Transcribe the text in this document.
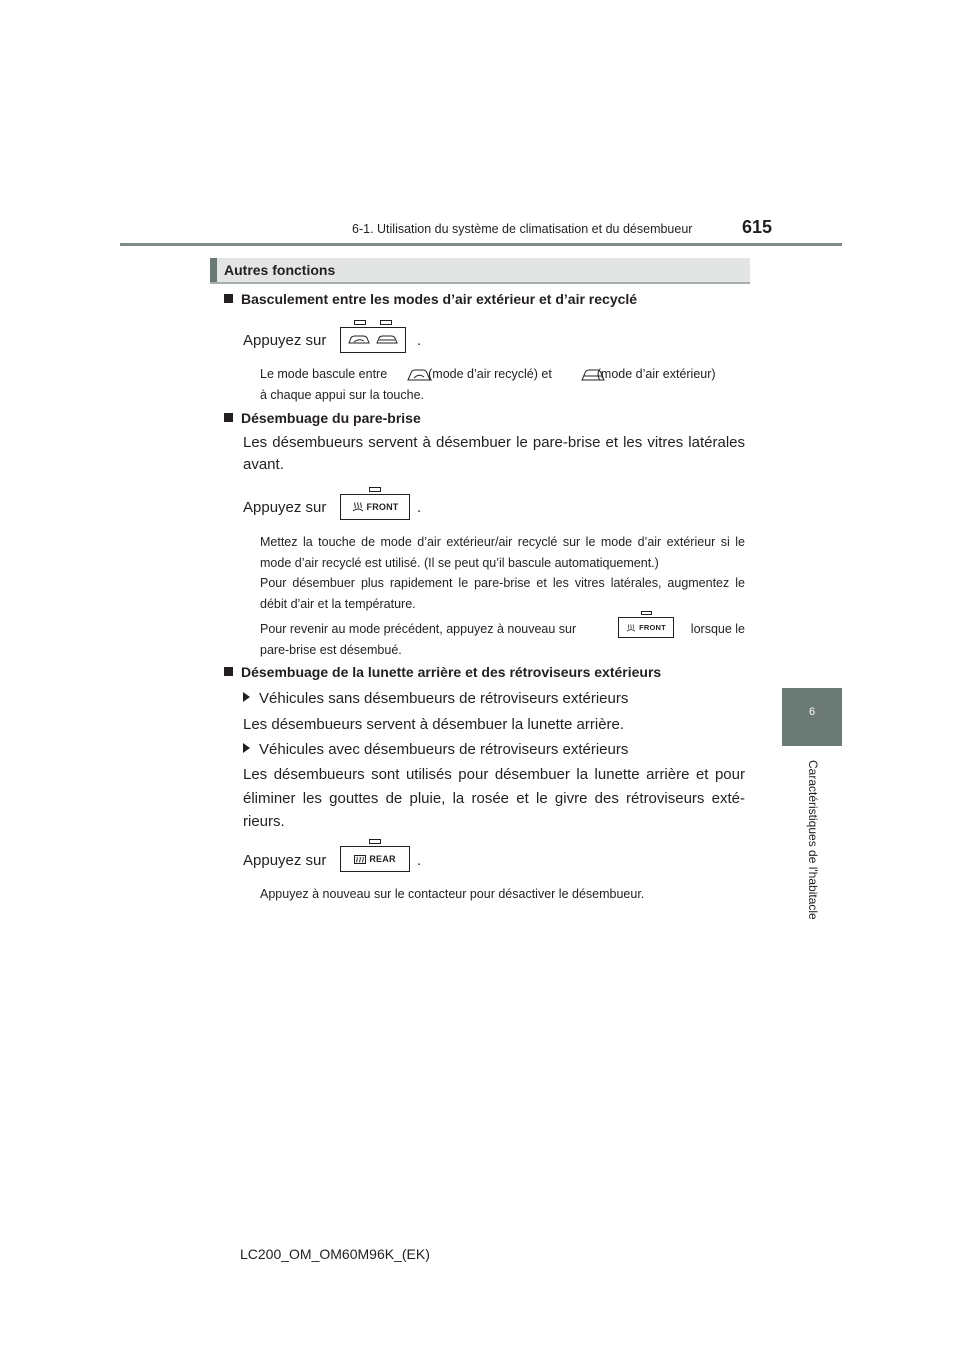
6-1. Utilisation du système de climatisation et du désembueur	615
6
Caractéristiques de l'habitacle
Autres fonctions
Basculement entre les modes d’air extérieur et d’air recyclé
Appuyez sur	.
Le mode bascule entre	(mode d’air recyclé) et	(mode d’air extérieur)
à chaque appui sur la touche.
Désembuage du pare-brise
Les désembueurs servent à désembuer le pare-brise et les vitres latérales avant.
Appuyez sur	FRONT .
Mettez la touche de mode d’air extérieur/air recyclé sur le mode d’air extérieur si le mode d’air recyclé est utilisé. (Il se peut qu’il bascule automatiquement.)
Pour désembuer plus rapidement le pare-brise et les vitres latérales, augmentez le débit d’air et la température.
Pour revenir au mode précédent, appuyez à nouveau sur	FRONT	lorsque le
pare-brise est désembué.
Désembuage de la lunette arrière et des rétroviseurs extérieurs
Véhicules sans désembueurs de rétroviseurs extérieurs
Les désembueurs servent à désembuer la lunette arrière.
Véhicules avec désembueurs de rétroviseurs extérieurs
Les désembueurs sont utilisés pour désembuer la lunette arrière et pour éliminer les gouttes de pluie, la rosée et le givre des rétroviseurs exté-rieurs.
Appuyez sur	REAR .
Appuyez à nouveau sur le contacteur pour désactiver le désembueur.
LC200_OM_OM60M96K_(EK)
